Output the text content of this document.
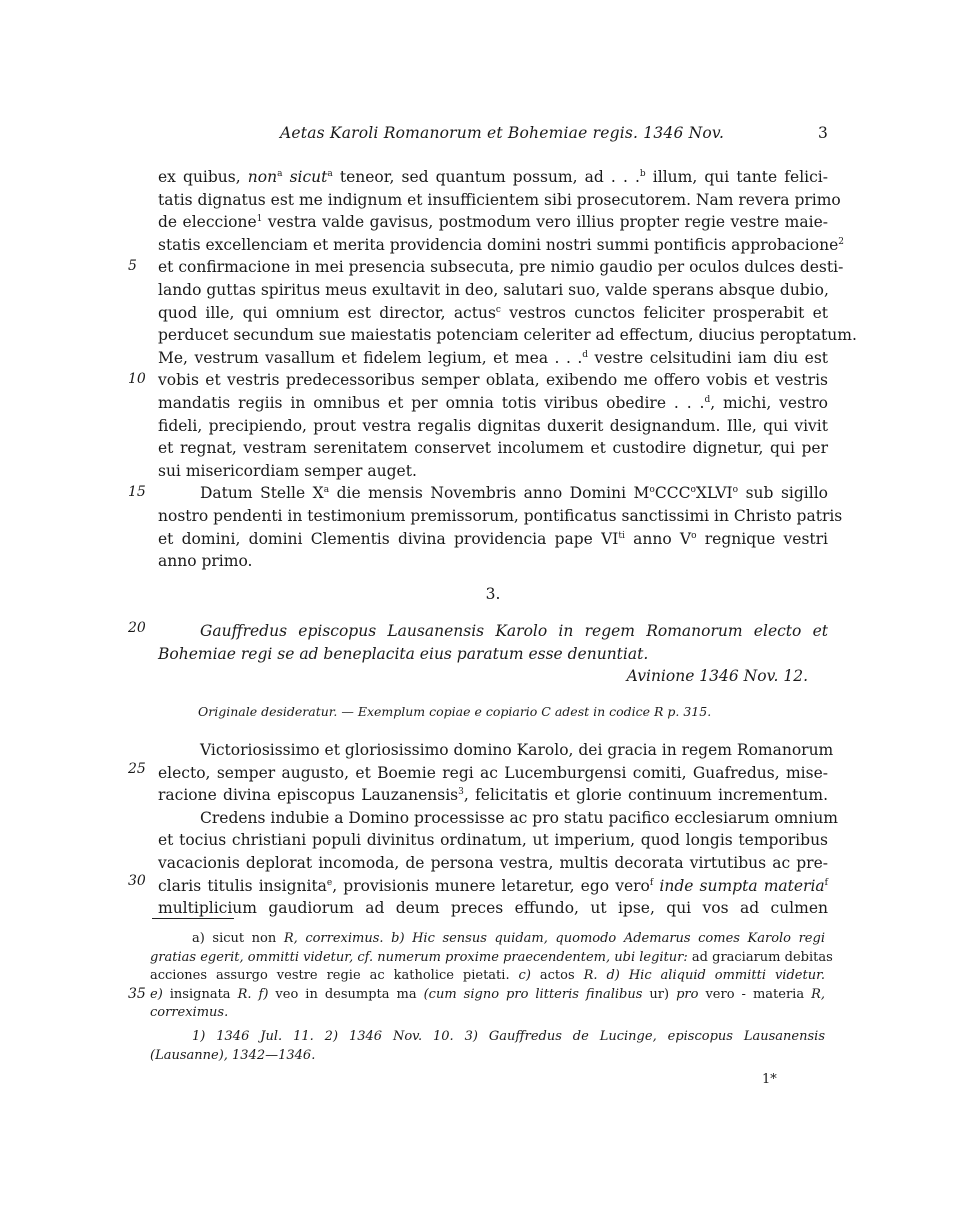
Aetas Karoli Romanorum et Bohemiae regis. 1346 Nov.	3
ex quibus, non$^a$ sicut$^a$ teneor, sed quantum possum, ad . . .$^b$ illum, qui tante felici-
tatis dignatus est me indignum et insufficientem sibi prosecutorem. Nam revera primo
de eleccione$^1$ vestra valde gavisus, postmodum vero illius propter regie vestre maie-
statis excellenciam et merita providencia domini nostri summi pontificis approbacione$^2$
et confirmacione in mei presencia subsecuta, pre nimio gaudio per oculos dulces desti-
lando guttas spiritus meus exultavit in deo, salutari suo, valde sperans absque dubio,
quod ille, qui omnium est director, actus$^c$ vestros cunctos feliciter prosperabit et
perducet secundum sue maiestatis potenciam celeriter ad effectum, diucius peroptatum.
Me, vestrum vasallum et fidelem legium, et mea . . .$^d$ vestre celsitudini iam diu est
vobis et vestris predecessoribus semper oblata, exibendo me offero vobis et vestris
mandatis regiis in omnibus et per omnia totis viribus obedire . . .$^d$, michi, vestro
fideli, precipiendo, prout vestra regalis dignitas duxerit designandum. Ille, qui vivit
et regnat, vestram serenitatem conservet incolumem et custodire dignetur, qui per
sui misericordiam semper auget.
Datum Stelle $X^a$ die mensis Novembris anno Domini $M^oCCC^oXLVI^o$ sub sigillo
nostro pendenti in testimonium premissorum, pontificatus sanctissimi in Christo patris
et domini, domini Clementis divina providencia pape $VI^{ti}$ anno $V^o$ regnique vestri
anno primo.
5
10
15
20
25
30
35
3.
Gauffredus episcopus Lausanensis Karolo in regem Romanorum electo et
Bohemiae regi se ad beneplacita eius paratum esse denuntiat.
Avinione 1346 Nov. 12.
Originale desideratur. — Exemplum copiae e copiario C adest in codice R p. 315.
Victoriosissimo et gloriosissimo domino Karolo, dei gracia in regem Romanorum
electo, semper augusto, et Boemie regi ac Lucemburgensi comiti, Guafredus, mise-
racione divina episcopus Lauzanensis$^3$, felicitatis et glorie continuum incrementum.
Credens indubie a Domino processisse ac pro statu pacifico ecclesiarum omnium
et tocius christiani populi divinitus ordinatum, ut imperium, quod longis temporibus
vacacionis deplorat incomoda, de persona vestra, multis decorata virtutibus ac pre-
claris titulis insignita$^e$, provisionis munere letaretur, ego vero$^f$ inde sumpta materia$^f$
multiplicium gaudiorum ad deum preces effundo, ut ipse, qui vos ad culmen
a) sicut non R, correximus. b) Hic sensus quidam, quomodo Ademarus comes Karolo regi
gratias egerit, ommitti videtur, cf. numerum proxime praecendentem, ubi legitur: ad graciarum debitas
acciones assurgo vestre regie ac katholice pietati. c) actos R. d) Hic aliquid ommitti videtur.
e) insignata R. f) veo in desumpta ma (cum signo pro litteris finalibus ur) pro vero - materia R,
correximus.
1) 1346 Jul. 11. 2) 1346 Nov. 10. 3) Gauffredus de Lucinge, episcopus Lausanensis
(Lausanne), 1342—1346.
1*
